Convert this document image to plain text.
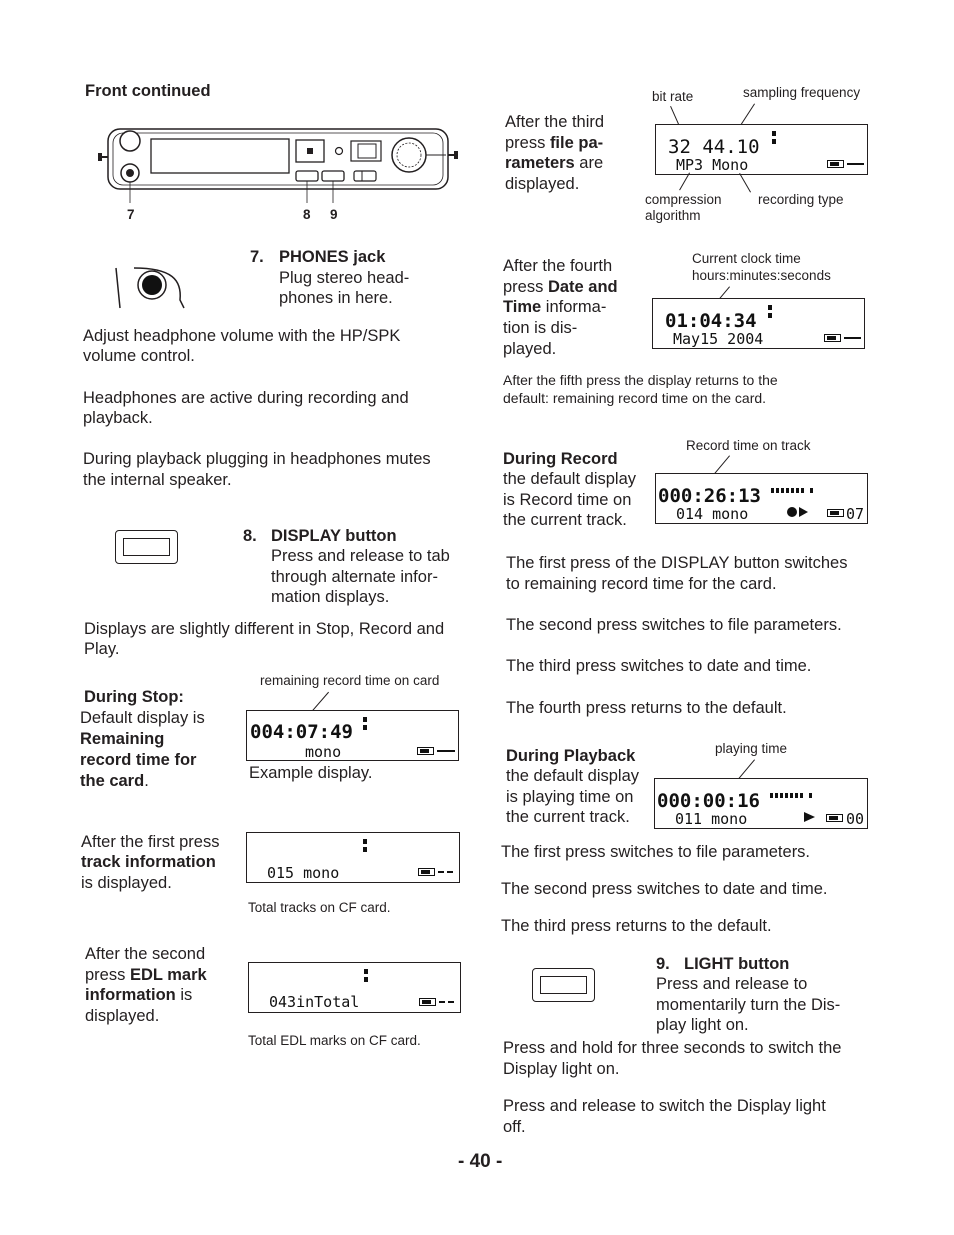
Front continued
7	8 9
7. PHONES jack
Plug stereo head-
phones in here.
Adjust headphone volume with the HP/SPK
volume control.
Headphones are active during recording and
playback.
During playback plugging in headphones mutes
the internal speaker.
8. DISPLAY button
Press and release to tab
through alternate infor-
mation displays.
Displays are slightly different in Stop, Record and
Play.
remaining record time on card
During Stop:
Default display is
Remaining
record time for
the card.
004:07:49
mono
Example display.
After the first press
track information
is displayed.
015 mono
Total tracks on CF card.
After the second
press EDL mark
information is
displayed.
043inTotal
Total EDL marks on CF card.
bit rate	sampling frequency
After the third
press file pa-
rameters are
displayed.
32 44.10
MP3 Mono
compression
algorithm
recording type
Current clock time
hours:minutes:seconds
After the fourth
press Date and
Time informa-
tion is dis-
played.
01:04:34
May15 2004
After the fifth press the display returns to the
default: remaining record time on the card.
Record time on track
During Record
the default display
is Record time on
the current track.
000:26:13
014 mono	07
The first press of the DISPLAY button switches
to remaining record time for the card.
The second press switches to file parameters.
The third press switches to date and time.
The fourth press returns to the default.
playing time
During Playback
the default display
is playing time on
the current track.
000:00:16
011 mono	00
The first press switches to file parameters.
The second press switches to date and time.
The third press returns to the default.
9. LIGHT button
Press and release to
momentarily turn the Dis-
play light on.
Press and hold for three seconds to switch the
Display light on.
Press and release to switch the Display light
off.
- 40 -
